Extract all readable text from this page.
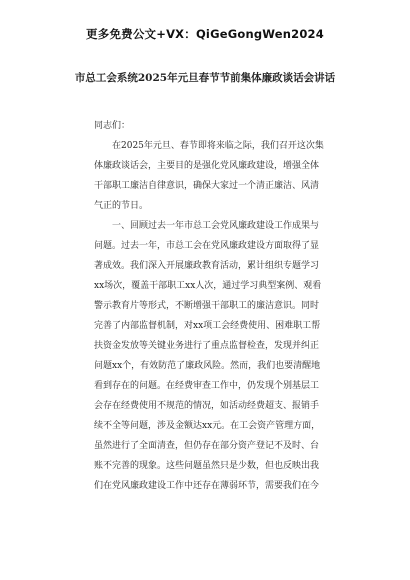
更多免费公文+VX：QiGeGongWen2024
市总工会系统2025年元旦春节节前集体廉政谈话会讲话
同志们：
在2025年元旦、春节即将来临之际，我们召开这次集
体廉政谈话会，主要目的是强化党风廉政建设，增强全体
干部职工廉洁自律意识，确保大家过一个清正廉洁、风清
气正的节日。
一、回顾过去一年市总工会党风廉政建设工作成果与
问题。过去一年，市总工会在党风廉政建设方面取得了显
著成效。我们深入开展廉政教育活动，累计组织专题学习
xx场次，覆盖干部职工xx人次，通过学习典型案例、观看
警示教育片等形式，不断增强干部职工的廉洁意识。同时
完善了内部监督机制，对xx项工会经费使用、困难职工帮
扶资金发放等关键业务进行了重点监督检查，发现并纠正
问题xx个，有效防范了廉政风险。然而，我们也要清醒地
看到存在的问题。在经费审查工作中，仍发现个别基层工
会存在经费使用不规范的情况，如活动经费超支、报销手
续不全等问题，涉及金额达xx元。在工会资产管理方面，
虽然进行了全面清查，但仍存在部分资产登记不及时、台
账不完善的现象。这些问题虽然只是少数，但也反映出我
们在党风廉政建设工作中还存在薄弱环节，需要我们在今
